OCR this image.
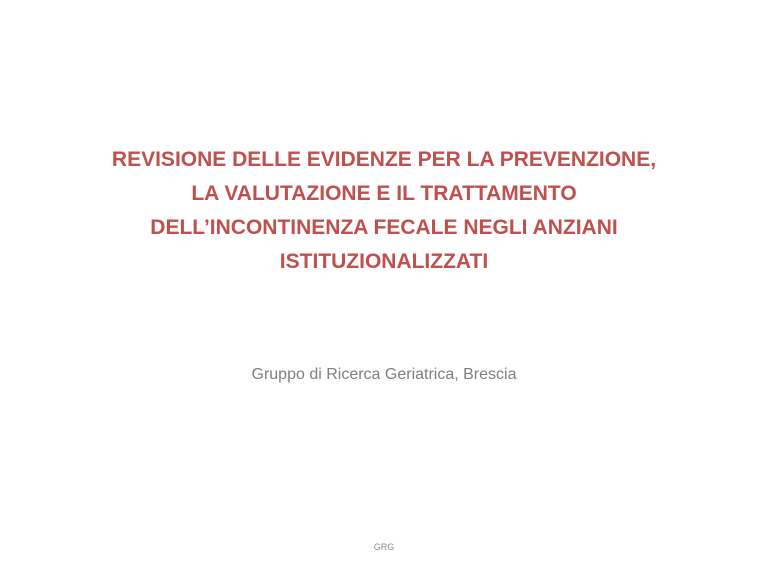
REVISIONE DELLE EVIDENZE PER LA PREVENZIONE,
LA VALUTAZIONE E IL TRATTAMENTO
DELL’INCONTINENZA FECALE NEGLI ANZIANI
ISTITUZIONALIZZATI

Gruppo di Ricerca Geriatrica, Brescia

GRG
